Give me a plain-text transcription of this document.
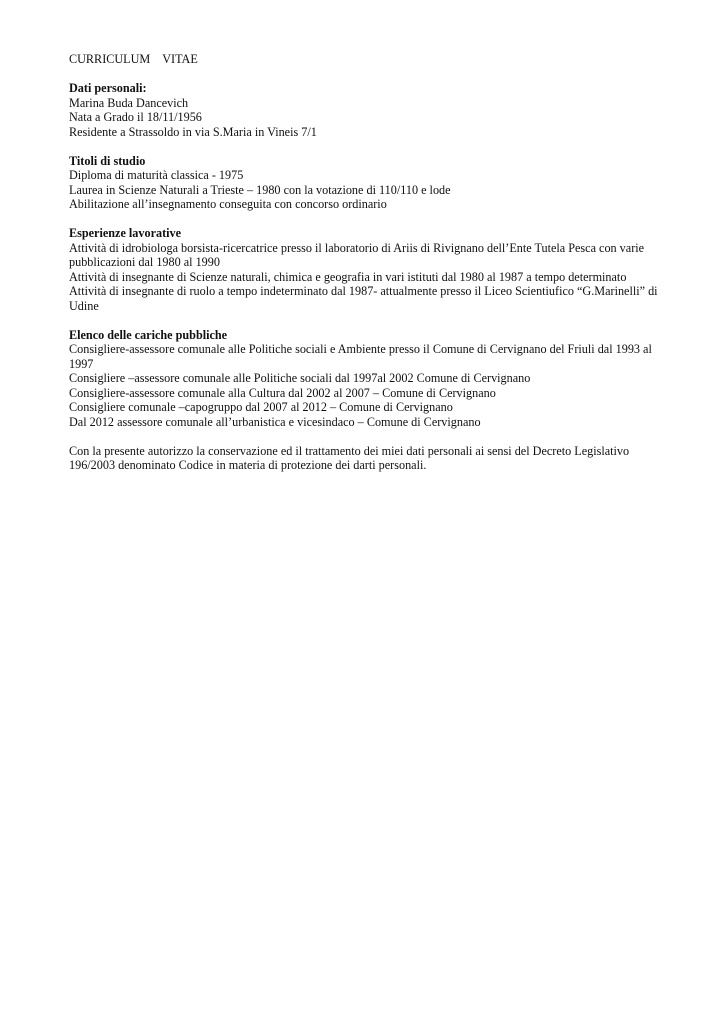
CURRICULUM    VITAE
Dati personali:
Marina Buda Dancevich
Nata a Grado il 18/11/1956
Residente a Strassoldo in via S.Maria in Vineis 7/1
Titoli di studio
Diploma di maturità classica - 1975
Laurea in Scienze Naturali a Trieste – 1980 con la votazione di 110/110 e lode
Abilitazione all’insegnamento conseguita con concorso ordinario
Esperienze lavorative
Attività di idrobiologa borsista-ricercatrice presso il laboratorio di Ariis di Rivignano dell’Ente Tutela Pesca con varie pubblicazioni dal 1980 al 1990
Attività di insegnante di Scienze naturali, chimica e geografia in vari istituti dal 1980 al 1987 a tempo determinato
Attività di insegnante di ruolo a tempo indeterminato dal 1987- attualmente presso il Liceo Scientiufico “G.Marinelli” di Udine
Elenco delle cariche pubbliche
Consigliere-assessore comunale alle Politiche sociali e Ambiente presso il Comune di Cervignano del Friuli dal 1993 al 1997
Consigliere –assessore comunale alle Politiche sociali dal 1997al 2002 Comune di Cervignano
Consigliere-assessore comunale alla Cultura dal 2002 al 2007 – Comune di Cervignano
Consigliere comunale –capogruppo dal 2007 al 2012 – Comune di Cervignano
Dal 2012 assessore comunale all’urbanistica e vicesindaco – Comune di Cervignano
Con la presente autorizzo la conservazione ed il trattamento dei miei dati personali ai sensi del Decreto Legislativo 196/2003 denominato Codice in materia di protezione dei darti personali.
